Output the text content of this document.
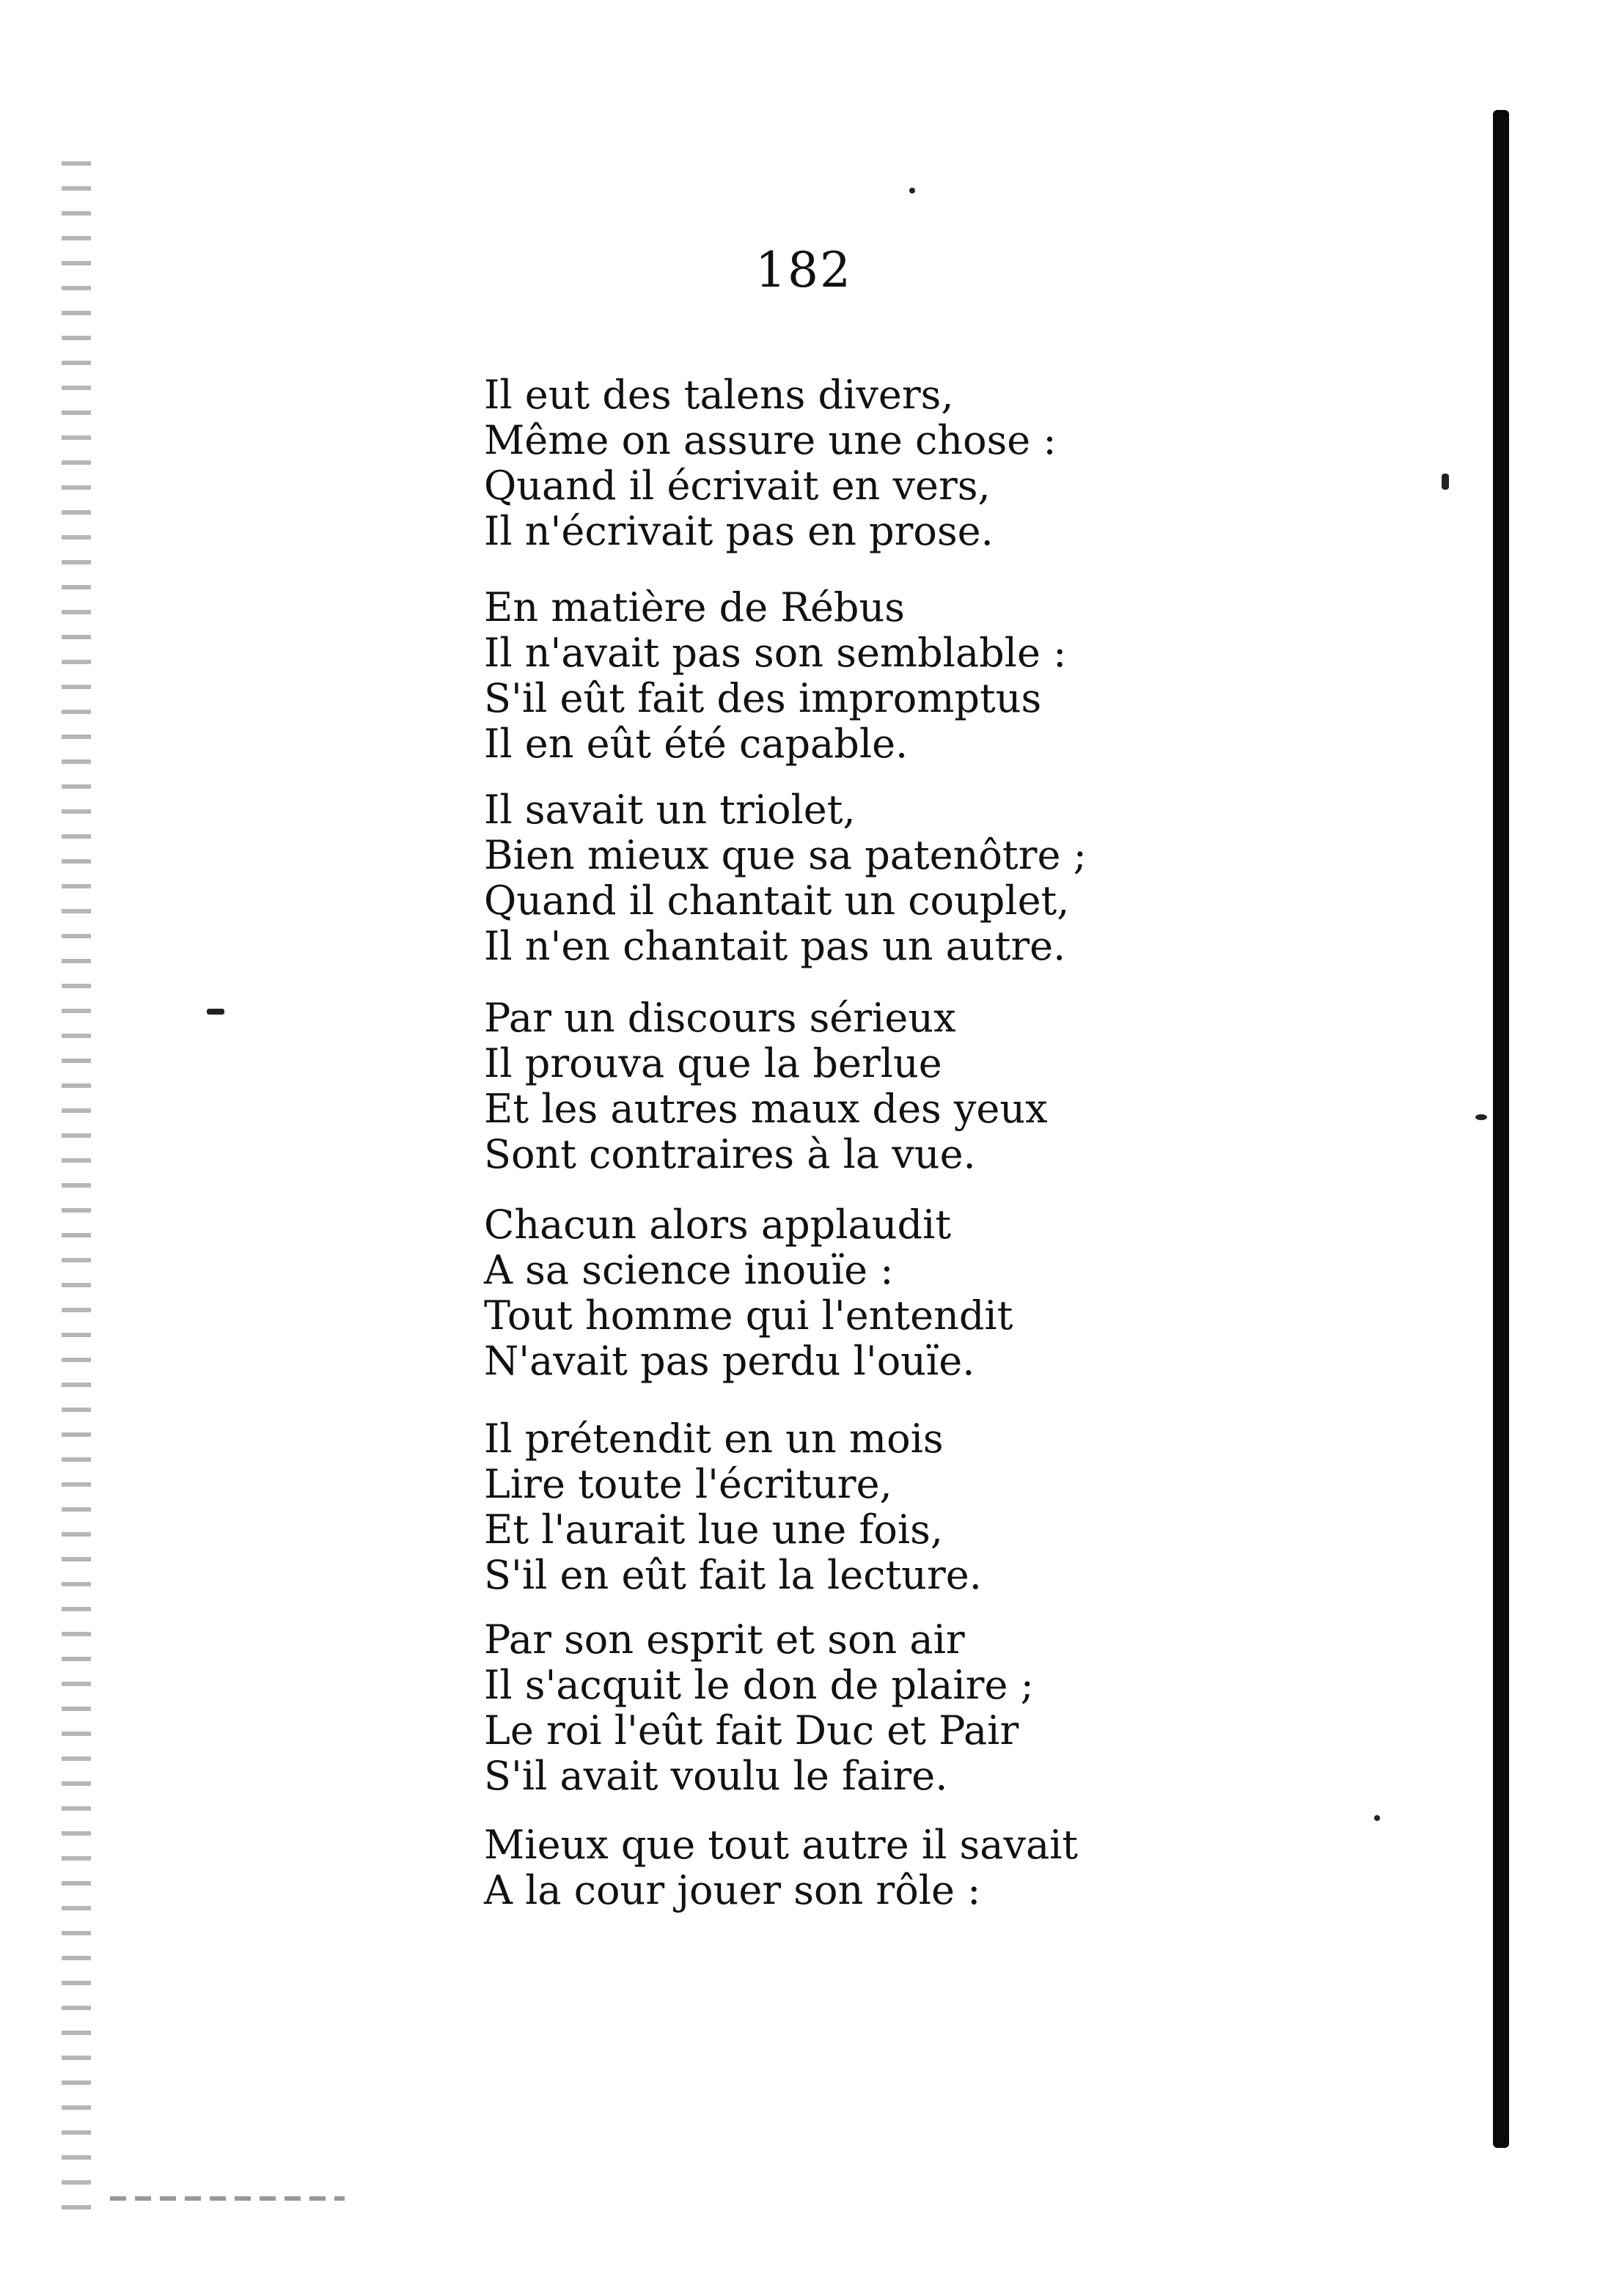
182
Il eut des talens divers,
Même on assure une chose :
Quand il écrivait en vers,
Il n'écrivait pas en prose.
En matière de Rébus
Il n'avait pas son semblable :
S'il eût fait des impromptus
Il en eût été capable.
Il savait un triolet,
Bien mieux que sa patenôtre ;
Quand il chantait un couplet,
Il n'en chantait pas un autre.
Par un discours sérieux
Il prouva que la berlue
Et les autres maux des yeux
Sont contraires à la vue.
Chacun alors applaudit
A sa science inouïe :
Tout homme qui l'entendit
N'avait pas perdu l'ouïe.
Il prétendit en un mois
Lire toute l'écriture,
Et l'aurait lue une fois,
S'il en eût fait la lecture.
Par son esprit et son air
Il s'acquit le don de plaire ;
Le roi l'eût fait Duc et Pair
S'il avait voulu le faire.
Mieux que tout autre il savait
A la cour jouer son rôle :
